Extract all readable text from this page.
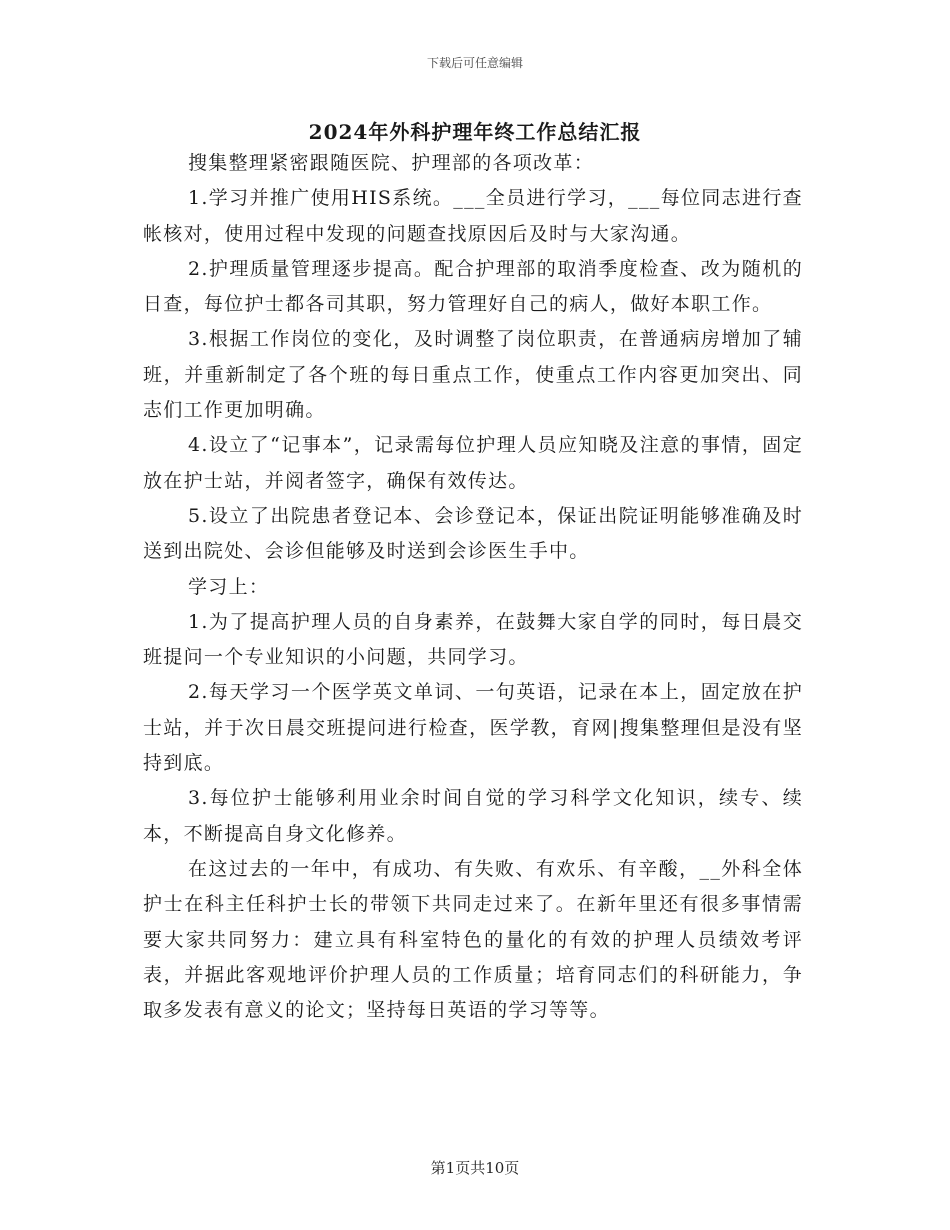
下载后可任意编辑
2024年外科护理年终工作总结汇报

搜集整理紧密跟随医院、护理部的各项改革：

1.学习并推广使用HIS系统。___全员进行学习，___每位同志进行查帐核对，使用过程中发现的问题查找原因后及时与大家沟通。

2.护理质量管理逐步提高。配合护理部的取消季度检查、改为随机的日查，每位护士都各司其职，努力管理好自己的病人，做好本职工作。

3.根据工作岗位的变化，及时调整了岗位职责，在普通病房增加了辅班，并重新制定了各个班的每日重点工作，使重点工作内容更加突出、同志们工作更加明确。

4.设立了“记事本”，记录需每位护理人员应知晓及注意的事情，固定放在护士站，并阅者签字，确保有效传达。

5.设立了出院患者登记本、会诊登记本，保证出院证明能够准确及时送到出院处、会诊但能够及时送到会诊医生手中。

学习上：

1.为了提高护理人员的自身素养，在鼓舞大家自学的同时，每日晨交班提问一个专业知识的小问题，共同学习。

2.每天学习一个医学英文单词、一句英语，记录在本上，固定放在护士站，并于次日晨交班提问进行检查，医学教，育网|搜集整理但是没有坚持到底。

3.每位护士能够利用业余时间自觉的学习科学文化知识，续专、续本，不断提高自身文化修养。

在这过去的一年中，有成功、有失败、有欢乐、有辛酸，__外科全体护士在科主任科护士长的带领下共同走过来了。在新年里还有很多事情需要大家共同努力：建立具有科室特色的量化的有效的护理人员绩效考评表，并据此客观地评价护理人员的工作质量；培育同志们的科研能力，争取多发表有意义的论文；坚持每日英语的学习等等。

第1页共10页
